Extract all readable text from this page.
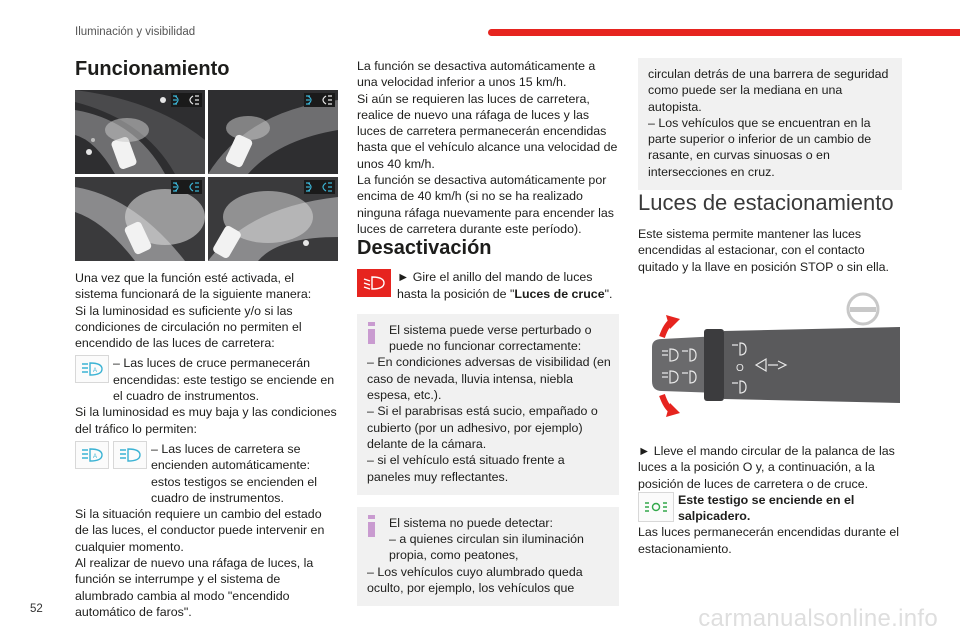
Iluminación y visibilidad
Funcionamiento

Una vez que la función esté activada, el sistema funcionará de la siguiente manera:

Si la luminosidad es suficiente y/o si las condiciones de circulación no permiten el encendido de las luces de carretera:

A

– Las luces de cruce permanecerán encendidas: este testigo se enciende en el cuadro de instrumentos.

Si la luminosidad es muy baja y las condiciones del tráfico lo permiten:

A

– Las luces de carretera se encienden automáticamente: estos testigos se encienden el cuadro de instrumentos.

Si la situación requiere un cambio del estado de las luces, el conductor puede intervenir en cualquier momento.

Al realizar de nuevo una ráfaga de luces, la función se interrumpe y el sistema de alumbrado cambia al modo "encendido automático de faros".

La función se desactiva automáticamente a una velocidad inferior a unos 15 km/h.

Si aún se requieren las luces de carretera, realice de nuevo una ráfaga de luces y las luces de carretera permanecerán encendidas hasta que el vehículo alcance una velocidad de unos 40 km/h.

La función se desactiva automáticamente por encima de 40 km/h (si no se ha realizado ninguna ráfaga nuevamente para encender las luces de carretera durante este período).

Desactivación

► Gire el anillo del mando de luces hasta la posición de "Luces de cruce".

El sistema puede verse perturbado o puede no funcionar correctamente:

– En condiciones adversas de visibilidad (en caso de nevada, lluvia intensa, niebla espesa, etc.).

– Si el parabrisas está sucio, empañado o cubierto (por un adhesivo, por ejemplo) delante de la cámara.

– si el vehículo está situado frente a paneles muy reflectantes.

El sistema no puede detectar:

– a quienes circulan sin iluminación propia, como peatones,

– Los vehículos cuyo alumbrado queda oculto, por ejemplo, los vehículos que

circulan detrás de una barrera de seguridad como puede ser la mediana en una autopista.

– Los vehículos que se encuentran en la parte superior o inferior de un cambio de rasante, en curvas sinuosas o en intersecciones en cruz.

Luces de estacionamiento

Este sistema permite mantener las luces encendidas al estacionar, con el contacto quitado y la llave en posición STOP o sin ella.

O

► Lleve el mando circular de la palanca de las luces a la posición O y, a continuación, a la posición de luces de carretera o de cruce.

Este testigo se enciende en el salpicadero.

Las luces permanecerán encendidas durante el estacionamiento.

52	carmanualsonline.info
